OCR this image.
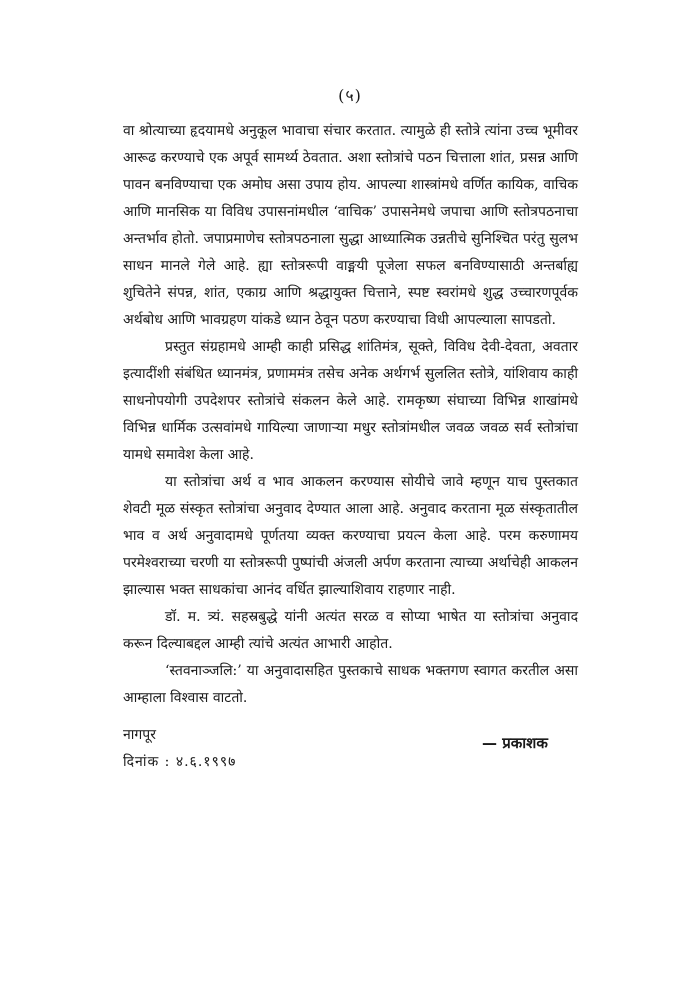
(५)

वा श्रोत्याच्या हृदयामधे अनुकूल भावाचा संचार करतात. त्यामुळे ही स्तोत्रे त्यांना उच्च भूमीवर आरूढ करण्याचे एक अपूर्व सामर्थ्य ठेवतात. अशा स्तोत्रांचे पठन चित्ताला शांत, प्रसन्न आणि पावन बनविण्याचा एक अमोघ असा उपाय होय. आपल्या शास्त्रांमधे वर्णित कायिक, वाचिक आणि मानसिक या विविध उपासनांमधील ‘वाचिक’ उपासनेमधे जपाचा आणि स्तोत्रपठनाचा अन्तर्भाव होतो. जपाप्रमाणेच स्तोत्रपठनाला सुद्धा आध्यात्मिक उन्नतीचे सुनिश्चित परंतु सुलभ साधन मानले गेले आहे. ह्या स्तोत्ररूपी वाङ्मयी पूजेला सफल बनविण्यासाठी अन्तर्बाह्य शुचितेने संपन्न, शांत, एकाग्र आणि श्रद्धायुक्त चित्ताने, स्पष्ट स्वरांमधे शुद्ध उच्चारणपूर्वक अर्थबोध आणि भावग्रहण यांकडे ध्यान ठेवून पठण करण्याचा विधी आपल्याला सापडतो.

प्रस्तुत संग्रहामधे आम्ही काही प्रसिद्ध शांतिमंत्र, सूक्ते, विविध देवी-देवता, अवतार इत्यादींशी संबंधित ध्यानमंत्र, प्रणाममंत्र तसेच अनेक अर्थगर्भ सुललित स्तोत्रे, यांशिवाय काही साधनोपयोगी उपदेशपर स्तोत्रांचे संकलन केले आहे. रामकृष्ण संघाच्या विभिन्न शाखांमधे विभिन्न धार्मिक उत्सवांमधे गायिल्या जाणाऱ्या मधुर स्तोत्रांमधील जवळ जवळ सर्व स्तोत्रांचा यामधे समावेश केला आहे.

या स्तोत्रांचा अर्थ व भाव आकलन करण्यास सोयीचे जावे म्हणून याच पुस्तकात शेवटी मूळ संस्कृत स्तोत्रांचा अनुवाद देण्यात आला आहे. अनुवाद करताना मूळ संस्कृतातील भाव व अर्थ अनुवादामधे पूर्णतया व्यक्त करण्याचा प्रयत्न केला आहे. परम करुणामय परमेश्वराच्या चरणी या स्तोत्ररूपी पुष्पांची अंजली अर्पण करताना त्याच्या अर्थाचेही आकलन झाल्यास भक्त साधकांचा आनंद वर्धित झाल्याशिवाय राहणार नाही.

डॉ. म. त्र्यं. सहस्रबुद्धे यांनी अत्यंत सरळ व सोप्या भाषेत या स्तोत्रांचा अनुवाद करून दिल्याबद्दल आम्ही त्यांचे अत्यंत आभारी आहोत.

‘स्तवनाञ्जलि:’ या अनुवादासहित पुस्तकाचे साधक भक्तगण स्वागत करतील असा आम्हाला विश्वास वाटतो.

नागपूर
दिनांक : ४.६.१९९७
— प्रकाशक
